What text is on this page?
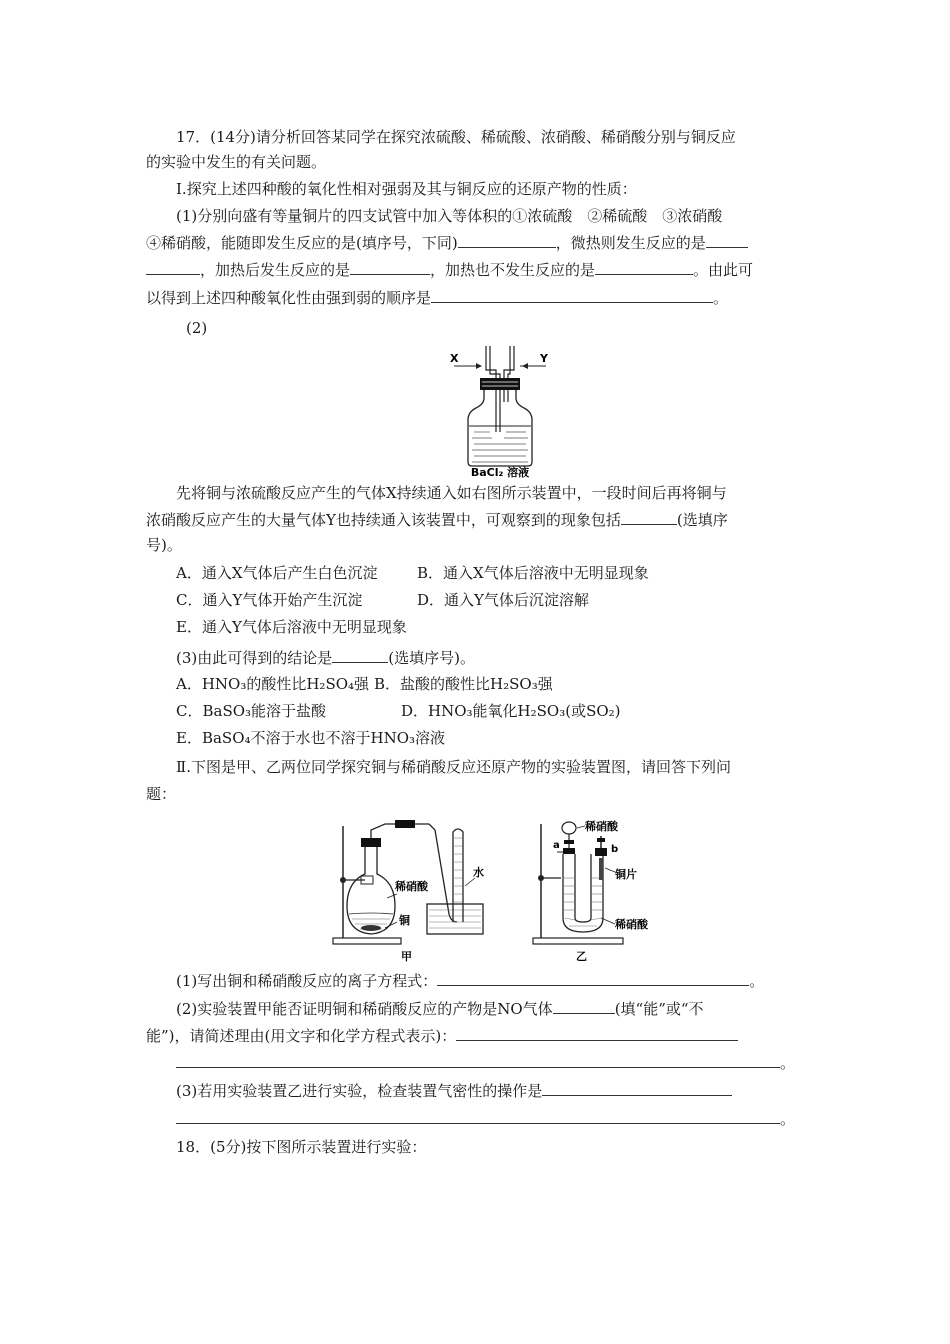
17．(14分)请分析回答某同学在探究浓硫酸、稀硫酸、浓硝酸、稀硝酸分别与铜反应
的实验中发生的有关问题。
Ⅰ.探究上述四种酸的氧化性相对强弱及其与铜反应的还原产物的性质：
(1)分别向盛有等量铜片的四支试管中加入等体积的①浓硫酸　②稀硫酸　③浓硝酸
④稀硝酸，能随即发生反应的是(填序号，下同)	，微热则发生反应的是
，加热后发生反应的是	，加热也不发生反应的是	。由此可
以得到上述四种酸氧化性由强到弱的顺序是	。
(2)
X	Y
BaCl₂ 溶液
先将铜与浓硫酸反应产生的气体X持续通入如右图所示装置中，一段时间后再将铜与
浓硝酸反应产生的大量气体Y也持续通入该装置中，可观察到的现象包括	(选填序
号)。
A．通入X气体后产生白色沉淀	B．通入X气体后溶液中无明显现象
C．通入Y气体开始产生沉淀	D．通入Y气体后沉淀溶解
E．通入Y气体后溶液中无明显现象
(3)由此可得到的结论是	(选填序号)。
A．HNO₃的酸性比H₂SO₄强 B．盐酸的酸性比H₂SO₃强
C．BaSO₃能溶于盐酸	D．HNO₃能氧化H₂SO₃(或SO₂)
E．BaSO₄不溶于水也不溶于HNO₃溶液
Ⅱ.下图是甲、乙两位同学探究铜与稀硝酸反应还原产物的实验装置图，请回答下列问
题：
稀硝酸
水
铜
甲
稀硝酸
a	b
铜片
稀硝酸
乙
(1)写出铜和稀硝酸反应的离子方程式：	。
(2)实验装置甲能否证明铜和稀硝酸反应的产物是NO气体	(填“能”或“不
能”)，请简述理由(用文字和化学方程式表示)：
。
(3)若用实验装置乙进行实验，检查装置气密性的操作是
。
18．(5分)按下图所示装置进行实验：
